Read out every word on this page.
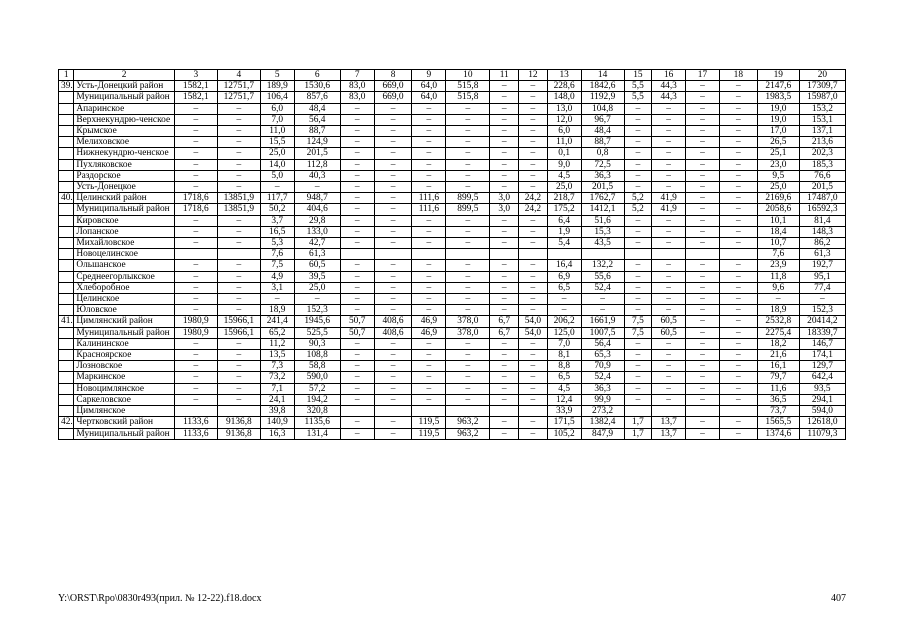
1	2	3	4	5	6	7	8	9	10	11	12	13	14	15	16	17	18	19	20
39.	Усть-Донецкий район	1582,1	12751,7	189,9	1530,6	83,0	669,0	64,0	515,8	–	–	228,6	1842,6	5,5	44,3	–	–	2147,6	17309,7
	Муниципальный район	1582,1	12751,7	106,4	857,6	83,0	669,0	64,0	515,8	–	–	148,0	1192,9	5,5	44,3	–	–	1983,5	15987,0
	Апаринское	–	–	6,0	48,4	–	–	–	–	–	–	13,0	104,8	–	–	–	–	19,0	153,2
	Верхнекундрю-ченское	–	–	7,0	56,4	–	–	–	–	–	–	12,0	96,7	–	–	–	–	19,0	153,1
	Крымское	–	–	11,0	88,7	–	–	–	–	–	–	6,0	48,4	–	–	–	–	17,0	137,1
	Мелиховское	–	–	15,5	124,9	–	–	–	–	–	–	11,0	88,7	–	–	–	–	26,5	213,6
	Нижнекундрю-ченское	–	–	25,0	201,5	–	–	–	–	–	–	0,1	0,8	–	–	–	–	25,1	202,3
	Пухляковское	–	–	14,0	112,8	–	–	–	–	–	–	9,0	72,5	–	–	–	–	23,0	185,3
	Раздорское	–	–	5,0	40,3	–	–	–	–	–	–	4,5	36,3	–	–	–	–	9,5	76,6
	Усть-Донецкое	–	–	–	–	–	–	–	–	–	–	25,0	201,5	–	–	–	–	25,0	201,5
40.	Целинский район	1718,6	13851,9	117,7	948,7	–	–	111,6	899,5	3,0	24,2	218,7	1762,7	5,2	41,9	–	–	2169,6	17487,0
	Муниципальный район	1718,6	13851,9	50,2	404,6	–	–	111,6	899,5	3,0	24,2	175,2	1412,1	5,2	41,9	–	–	2058,6	16592,3
	Кировское	–	–	3,7	29,8	–	–	–	–	–	–	6,4	51,6	–	–	–	–	10,1	81,4
	Лопанское	–	–	16,5	133,0	–	–	–	–	–	–	1,9	15,3	–	–	–	–	18,4	148,3
	Михайловское	–	–	5,3	42,7	–	–	–	–	–	–	5,4	43,5	–	–	–	–	10,7	86,2
	Новоцелинское			7,6	61,3													7,6	61,3
	Ольшанское	–	–	7,5	60,5	–	–	–	–	–	–	16,4	132,2	–	–	–	–	23,9	192,7
	Среднеегорлыкское	–	–	4,9	39,5	–	–	–	–	–	–	6,9	55,6	–	–	–	–	11,8	95,1
	Хлеборобное	–	–	3,1	25,0	–	–	–	–	–	–	6,5	52,4	–	–	–	–	9,6	77,4
	Целинское	–	–	–	–	–	–	–	–	–	–	–	–	–	–	–	–	–	–
	Юловское	–	–	18,9	152,3	–	–	–	–	–	–	–	–	–	–	–	–	18,9	152,3
41.	Цимлянский район	1980,9	15966,1	241,4	1945,6	50,7	408,6	46,9	378,0	6,7	54,0	206,2	1661,9	7,5	60,5	–	–	2532,8	20414,2
	Муниципальный район	1980,9	15966,1	65,2	525,5	50,7	408,6	46,9	378,0	6,7	54,0	125,0	1007,5	7,5	60,5	–	–	2275,4	18339,7
	Калининское	–	–	11,2	90,3	–	–	–	–	–	–	7,0	56,4	–	–	–	–	18,2	146,7
	Красноярское	–	–	13,5	108,8	–	–	–	–	–	–	8,1	65,3	–	–	–	–	21,6	174,1
	Лозновское	–	–	7,3	58,8	–	–	–	–	–	–	8,8	70,9	–	–	–	–	16,1	129,7
	Маркинское	–	–	73,2	590,0	–	–	–	–	–	–	6,5	52,4	–	–	–	–	79,7	642,4
	Новоцимлянское	–	–	7,1	57,2	–	–	–	–	–	–	4,5	36,3	–	–	–	–	11,6	93,5
	Саркеловское	–	–	24,1	194,2	–	–	–	–	–	–	12,4	99,9	–	–	–	–	36,5	294,1
	Цимлянское			39,8	320,8							33,9	273,2					73,7	594,0
42.	Чертковский район	1133,6	9136,8	140,9	1135,6	–	–	119,5	963,2	–	–	171,5	1382,4	1,7	13,7	–	–	1565,5	12618,0
	Муниципальный район	1133,6	9136,8	16,3	131,4	–	–	119,5	963,2	–	–	105,2	847,9	1,7	13,7	–	–	1374,6	11079,3
Y:\ORST\Rpo\0830r493(прил. № 12-22).f18.docx	407
